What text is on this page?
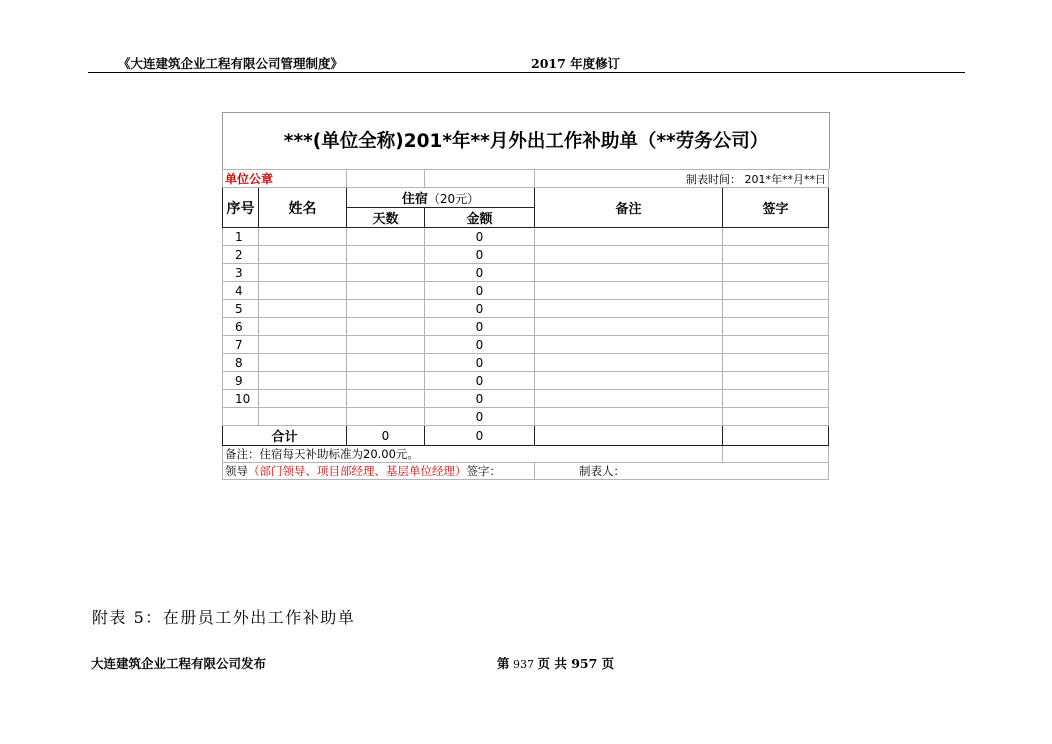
《大连建筑企业工程有限公司管理制度》	2017 年度修订
***(单位全称)201*年**月外出工作补助单（**劳务公司）
单位公章				制表时间： 201*年**月**日	
序号	姓名	住宿（20元）		备注	签字
		天数	金额		
1			0		
2			0		
3			0		
4			0		
5			0		
6			0		
7			0		
8			0		
9			0		
10			0		
			0		
合计		0	0		
备注：住宿每天补助标准为20.00元。					
领导（部门领导、项目部经理、基层单位经理）签字：				制表人：	
附表 5：在册员工外出工作补助单
大连建筑企业工程有限公司发布	第 937 页 共 957 页
